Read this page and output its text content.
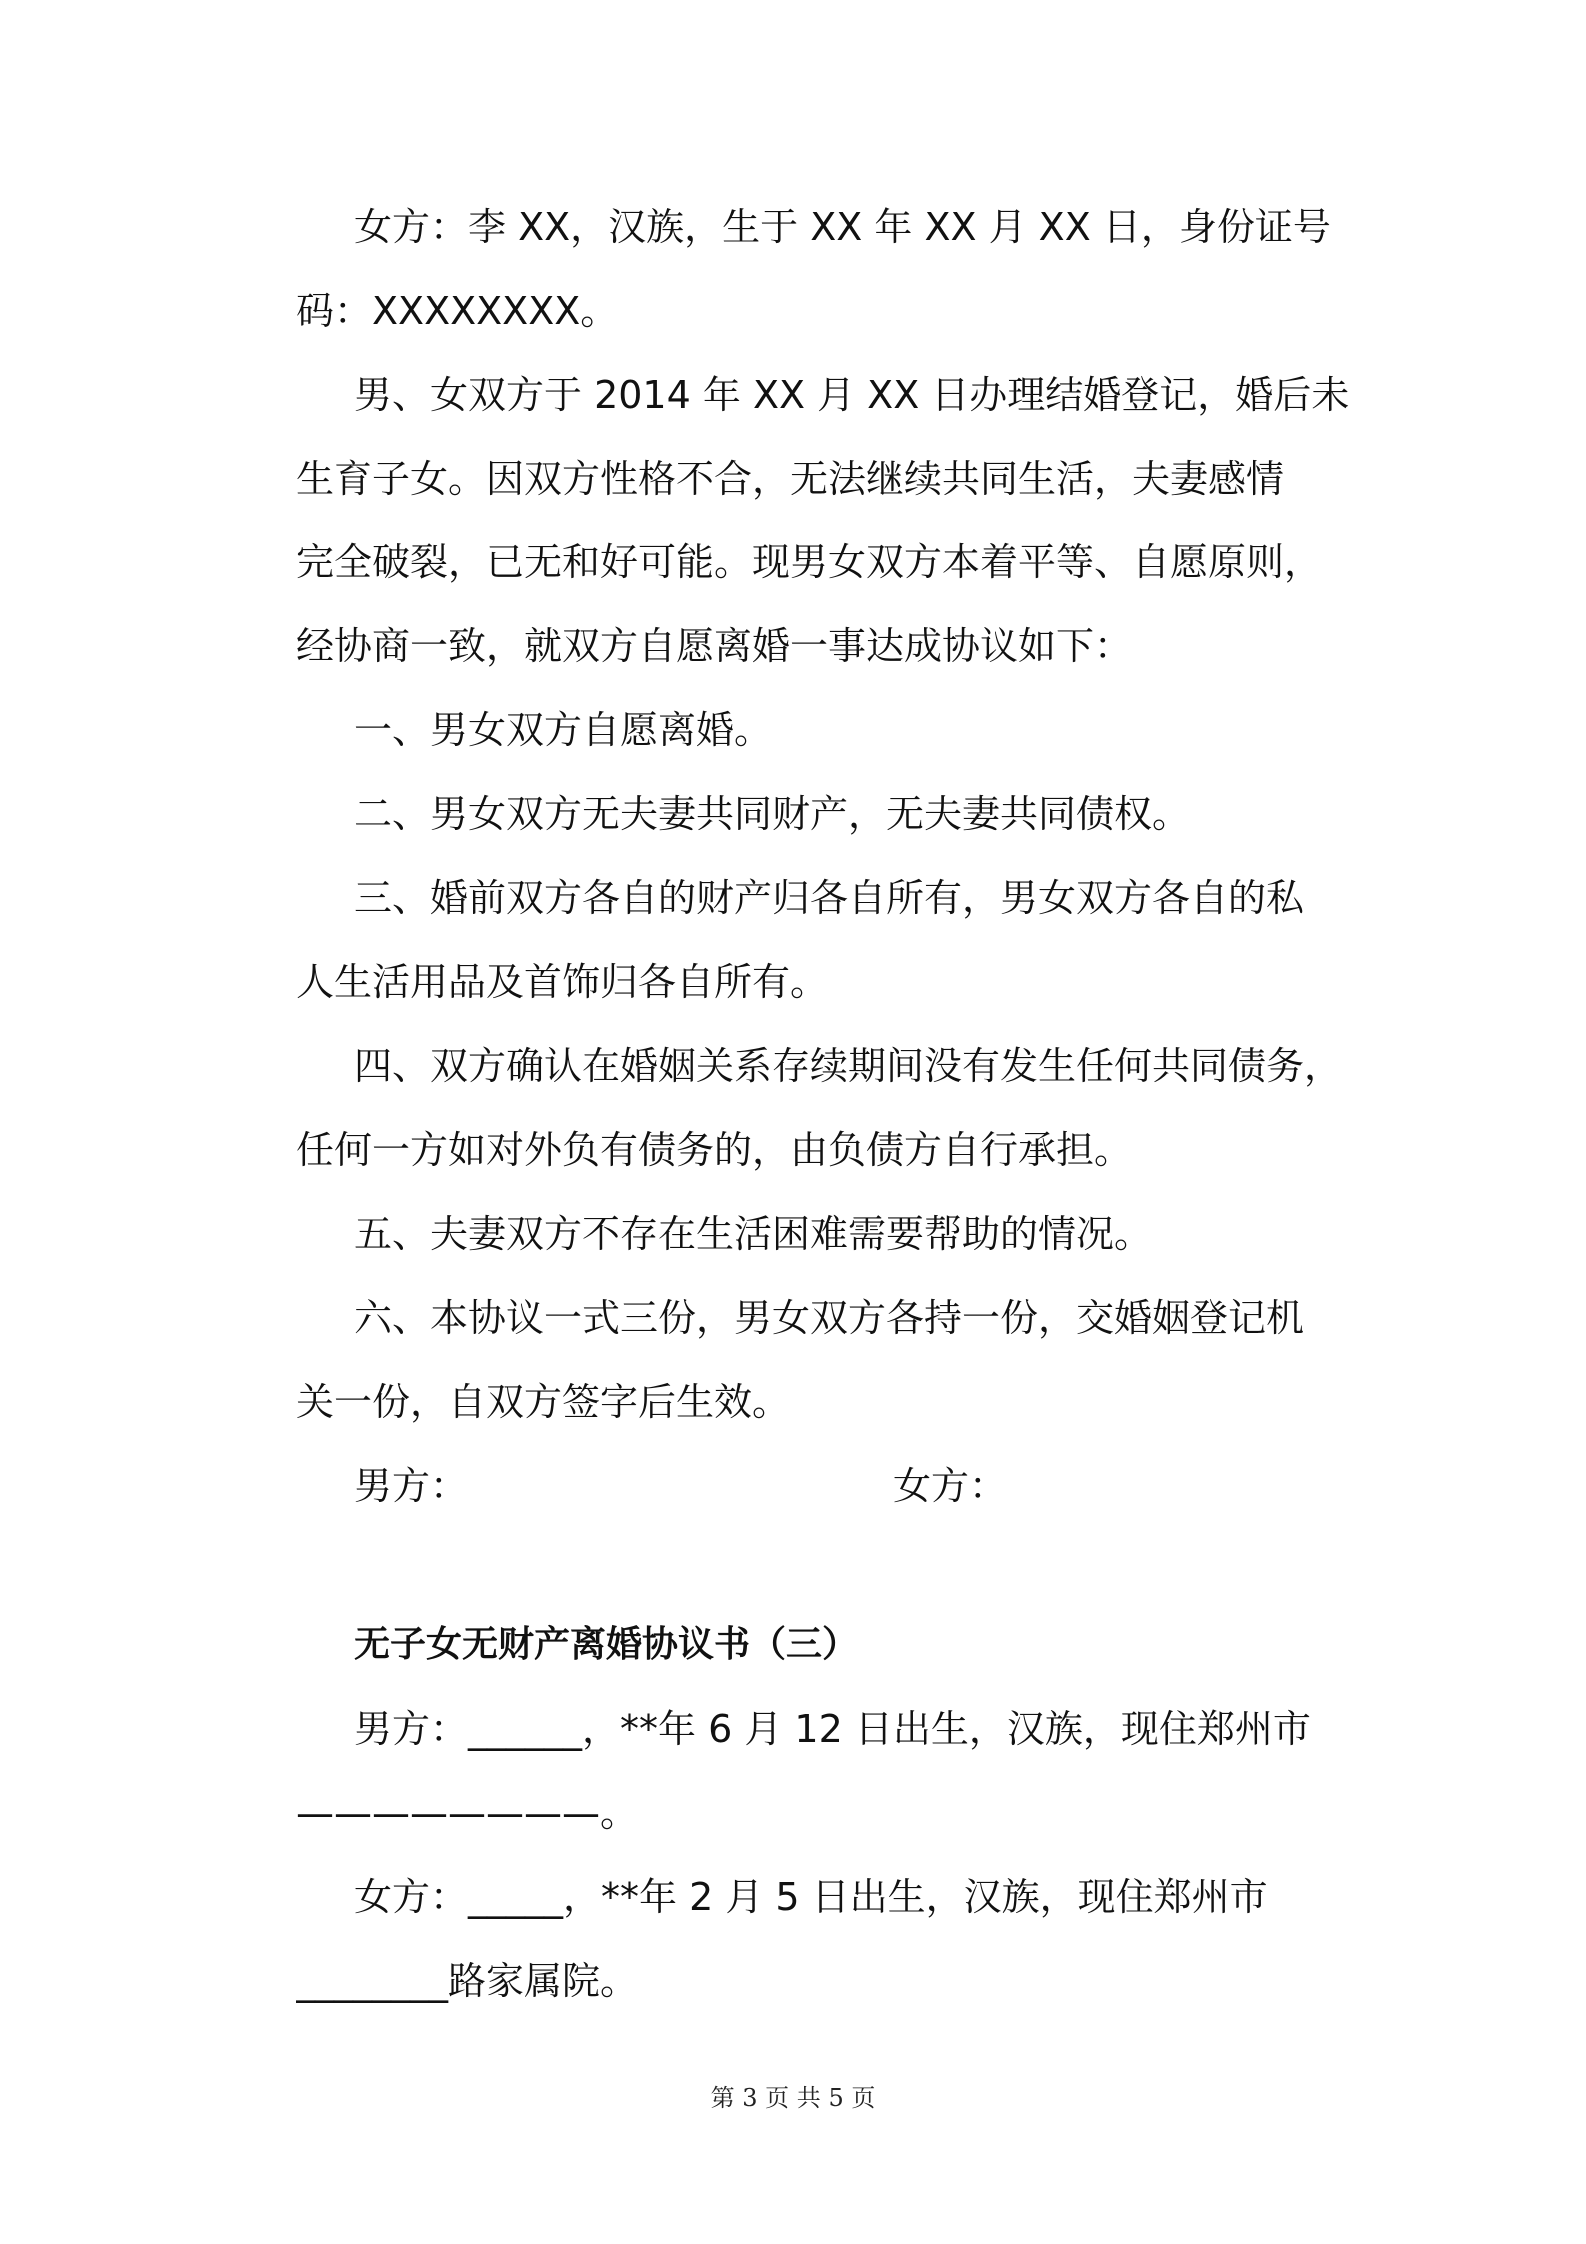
女方：李 XX，汉族，生于 XX 年 XX 月 XX 日，身份证号
码：XXXXXXXX。
男、女双方于 2014 年 XX 月 XX 日办理结婚登记，婚后未
生育子女。因双方性格不合，无法继续共同生活，夫妻感情
完全破裂，已无和好可能。现男女双方本着平等、自愿原则，
经协商一致，就双方自愿离婚一事达成协议如下：
一、男女双方自愿离婚。
二、男女双方无夫妻共同财产，无夫妻共同债权。
三、婚前双方各自的财产归各自所有，男女双方各自的私
人生活用品及首饰归各自所有。
四、双方确认在婚姻关系存续期间没有发生任何共同债务，
任何一方如对外负有债务的，由负债方自行承担。
五、夫妻双方不存在生活困难需要帮助的情况。
六、本协议一式三份，男女双方各持一份，交婚姻登记机
关一份，自双方签字后生效。
男方：	女方：
无子女无财产离婚协议书（三）
男方：______，**年 6 月 12 日出生，汉族，现住郑州市
————————。
女方：_____，**年 2 月 5 日出生，汉族，现住郑州市
________路家属院。
第 3 页 共 5 页
